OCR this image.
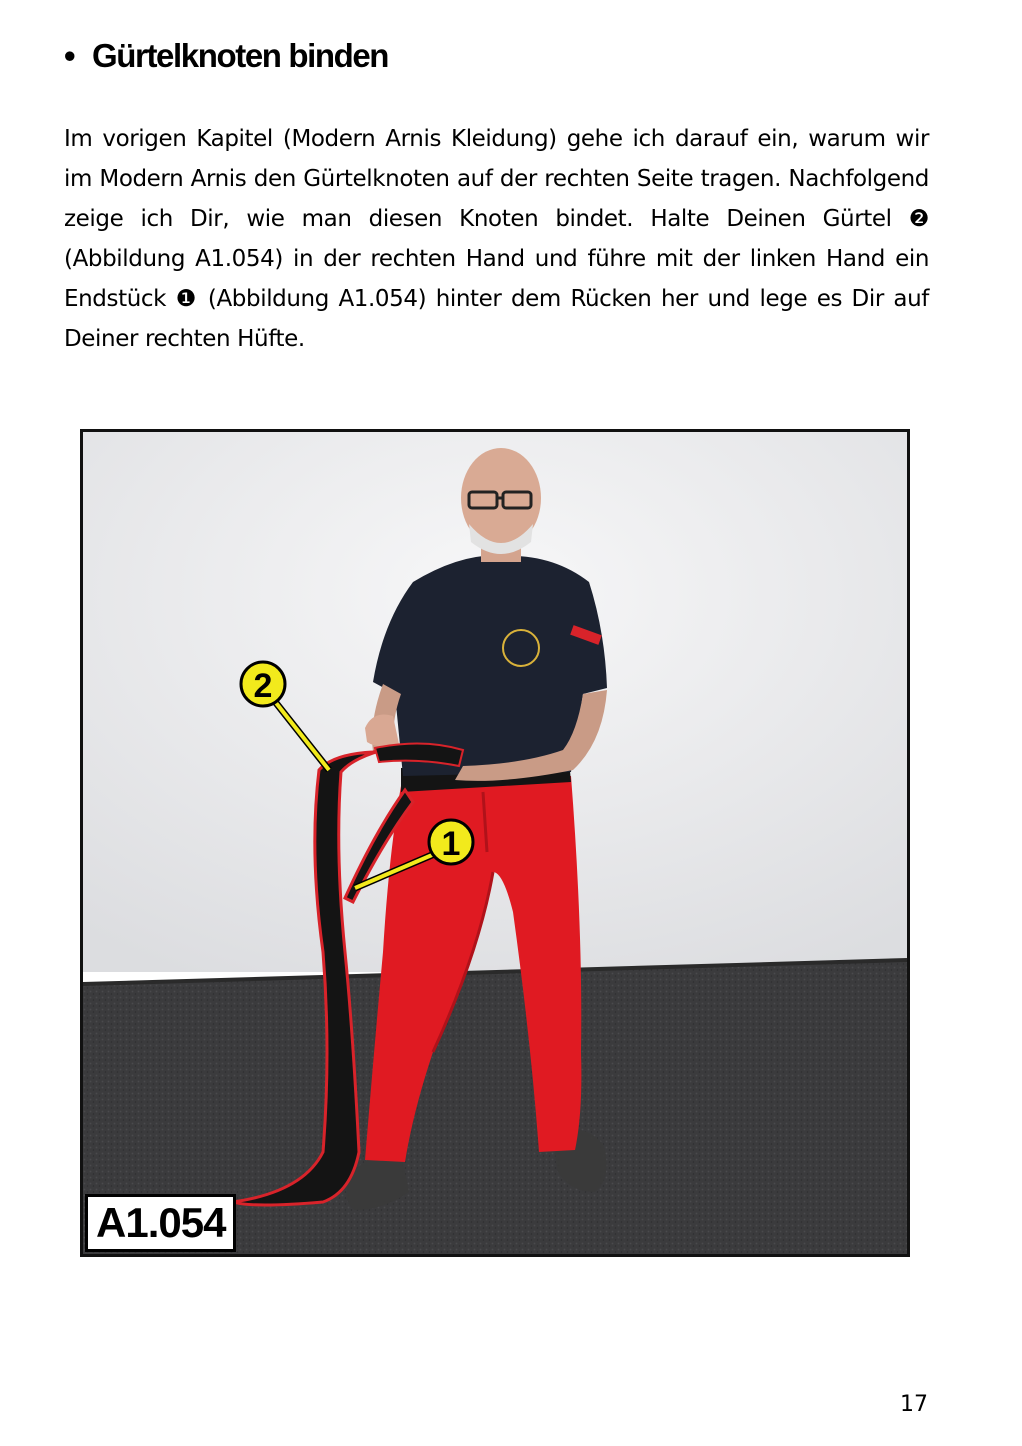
• Gürtelknoten binden

Im vorigen Kapitel (Modern Arnis Kleidung) gehe ich darauf ein, warum wir im Modern Arnis den Gürtelknoten auf der rechten Seite tragen. Nachfolgend zeige ich Dir, wie man diesen Knoten bindet. Halte Deinen Gürtel ❷ (Abbildung A1.054) in der rechten Hand und führe mit der linken Hand ein Endstück ❶ (Abbildung A1.054) hinter dem Rücken her und lege es Dir auf Deiner rechten Hüfte.

2
1
A1.054
17
